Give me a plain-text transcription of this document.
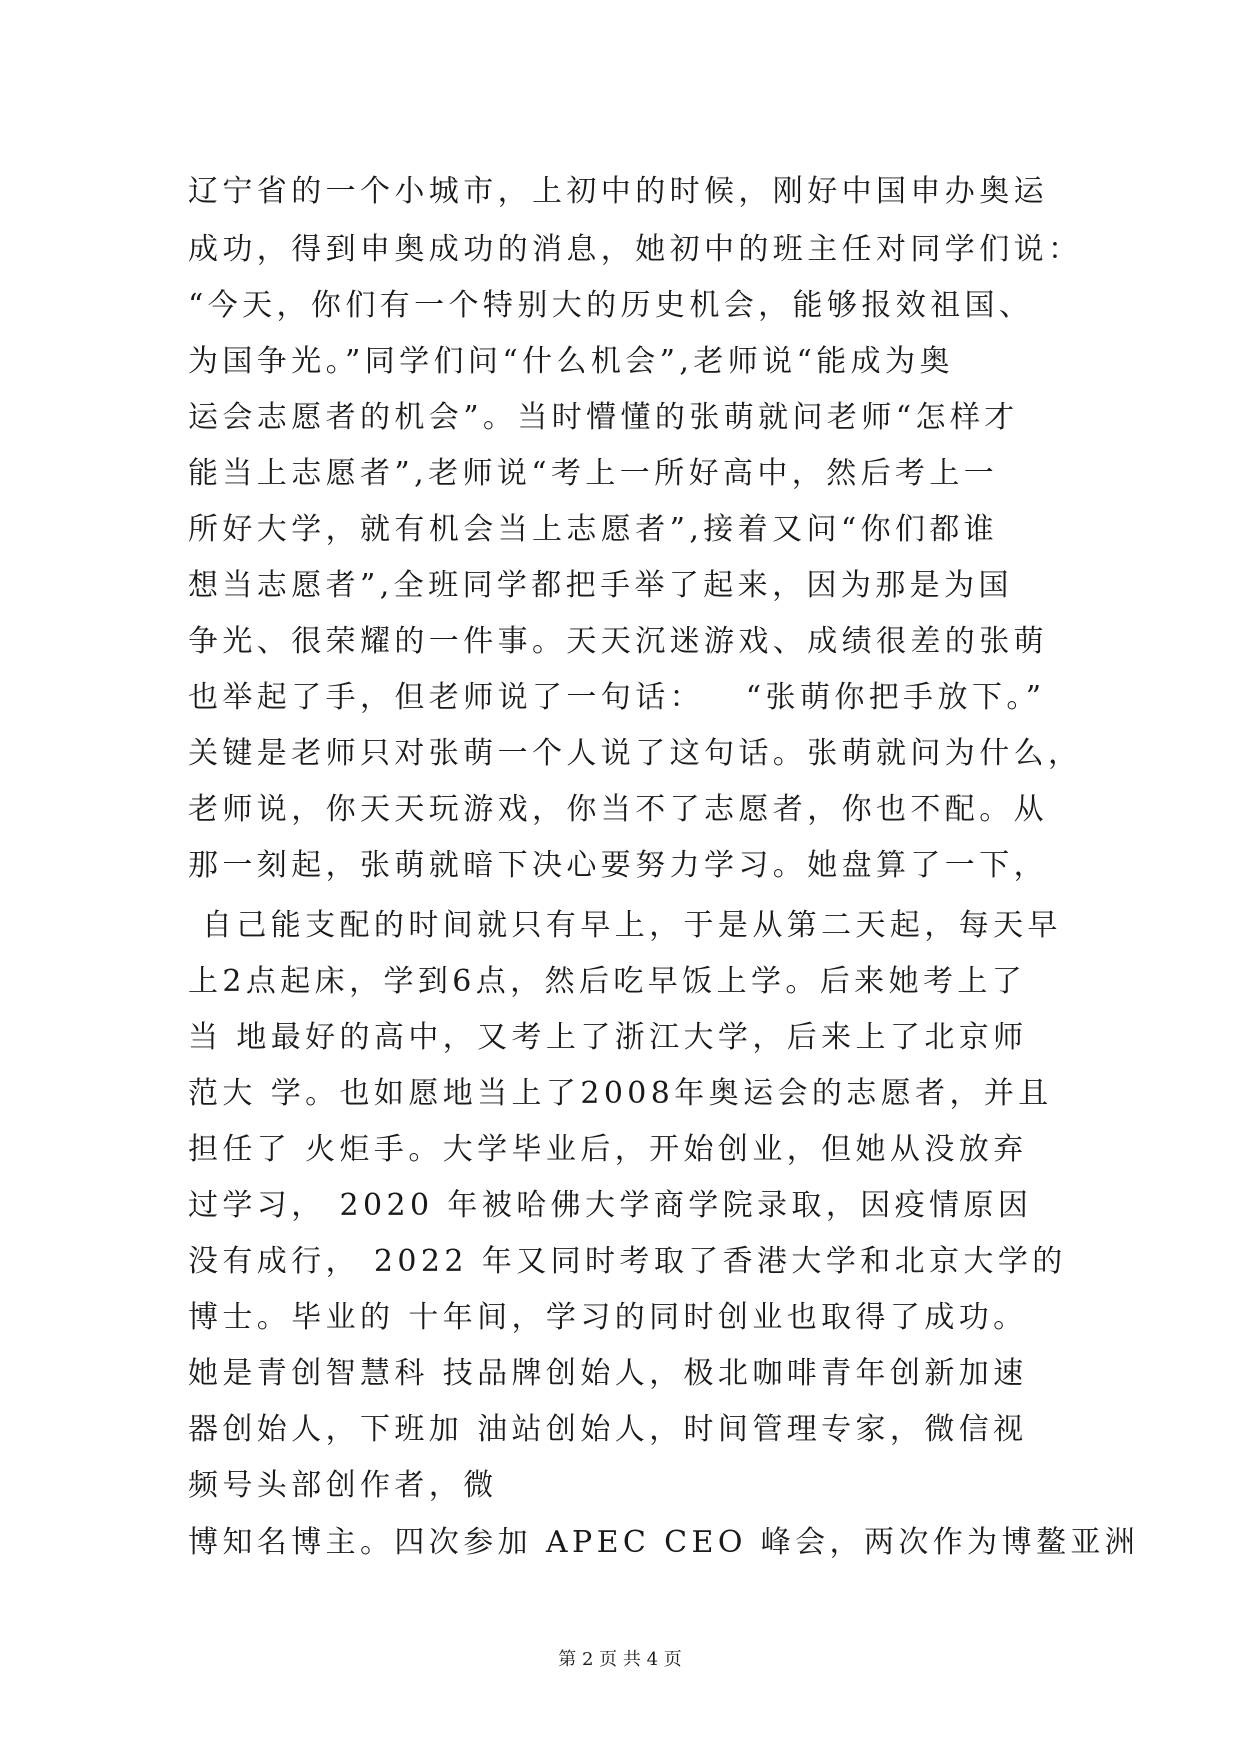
辽宁省的一个小城市，上初中的时候，刚好中国申办奥运
成功，得到申奥成功的消息，她初中的班主任对同学们说：
“今天，你们有一个特别大的历史机会，能够报效祖国、
为国争光。”同学们问“什么机会”,老师说“能成为奥
运会志愿者的机会”。当时懵懂的张萌就问老师“怎样才
能当上志愿者”,老师说“考上一所好高中，然后考上一
所好大学，就有机会当上志愿者”,接着又问“你们都谁
想当志愿者”,全班同学都把手举了起来，因为那是为国
争光、很荣耀的一件事。天天沉迷游戏、成绩很差的张萌
也举起了手，但老师说了一句话：   “张萌你把手放下。”
关键是老师只对张萌一个人说了这句话。张萌就问为什么，
老师说，你天天玩游戏，你当不了志愿者，你也不配。从
那一刻起，张萌就暗下决心要努力学习。她盘算了一下，
自己能支配的时间就只有早上，于是从第二天起，每天早
上2点起床，学到6点，然后吃早饭上学。后来她考上了
当 地最好的高中，又考上了浙江大学，后来上了北京师
范大 学。也如愿地当上了2008年奥运会的志愿者，并且
担任了 火炬手。大学毕业后，开始创业，但她从没放弃
过学习， 2020 年被哈佛大学商学院录取，因疫情原因
没有成行， 2022 年又同时考取了香港大学和北京大学的
博士。毕业的 十年间，学习的同时创业也取得了成功。
她是青创智慧科 技品牌创始人，极北咖啡青年创新加速
器创始人，下班加 油站创始人，时间管理专家，微信视
频号头部创作者，微
博知名博主。四次参加 APEC CEO 峰会，两次作为博鳌亚洲
第 2 页 共 4 页
